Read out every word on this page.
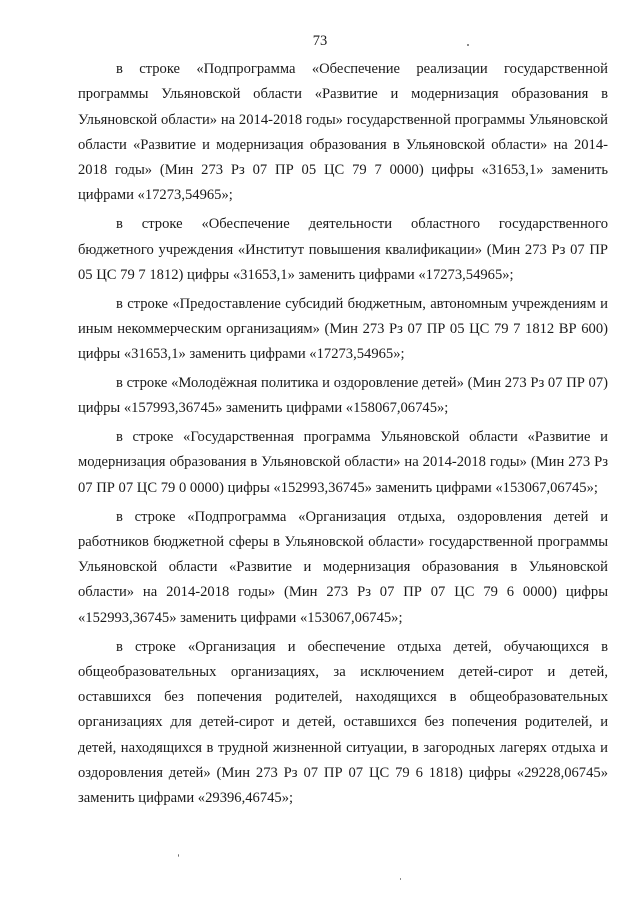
73

в строке «Подпрограмма «Обеспечение реализации государственной программы Ульяновской области «Развитие и модернизация образования в Ульяновской области» на 2014-2018 годы» государственной программы Ульяновской области «Развитие и модернизация образования в Ульяновской области» на 2014-2018 годы» (Мин 273 Рз 07 ПР 05 ЦС 79 7 0000) цифры «31653,1» заменить цифрами «17273,54965»;

в строке «Обеспечение деятельности областного государственного бюджетного учреждения «Институт повышения квалификации» (Мин 273 Рз 07 ПР 05 ЦС 79 7 1812) цифры «31653,1» заменить цифрами «17273,54965»;

в строке «Предоставление субсидий бюджетным, автономным учреждениям и иным некоммерческим организациям» (Мин 273 Рз 07 ПР 05 ЦС 79 7 1812 ВР 600) цифры «31653,1» заменить цифрами «17273,54965»;

в строке «Молодёжная политика и оздоровление детей» (Мин 273 Рз 07 ПР 07) цифры «157993,36745» заменить цифрами «158067,06745»;

в строке «Государственная программа Ульяновской области «Развитие и модернизация образования в Ульяновской области» на 2014-2018 годы» (Мин 273 Рз 07 ПР 07 ЦС 79 0 0000) цифры «152993,36745» заменить цифрами «153067,06745»;

в строке «Подпрограмма «Организация отдыха, оздоровления детей и работников бюджетной сферы в Ульяновской области» государственной программы Ульяновской области «Развитие и модернизация образования в Ульяновской области» на 2014-2018 годы» (Мин 273 Рз 07 ПР 07 ЦС 79 6 0000) цифры «152993,36745» заменить цифрами «153067,06745»;

в строке «Организация и обеспечение отдыха детей, обучающихся в общеобразовательных организациях, за исключением детей-сирот и детей, оставшихся без попечения родителей, находящихся в общеобразовательных организациях для детей-сирот и детей, оставшихся без попечения родителей, и детей, находящихся в трудной жизненной ситуации, в загородных лагерях отдыха и оздоровления детей» (Мин 273 Рз 07 ПР 07 ЦС 79 6 1818) цифры «29228,06745» заменить цифрами «29396,46745»;
